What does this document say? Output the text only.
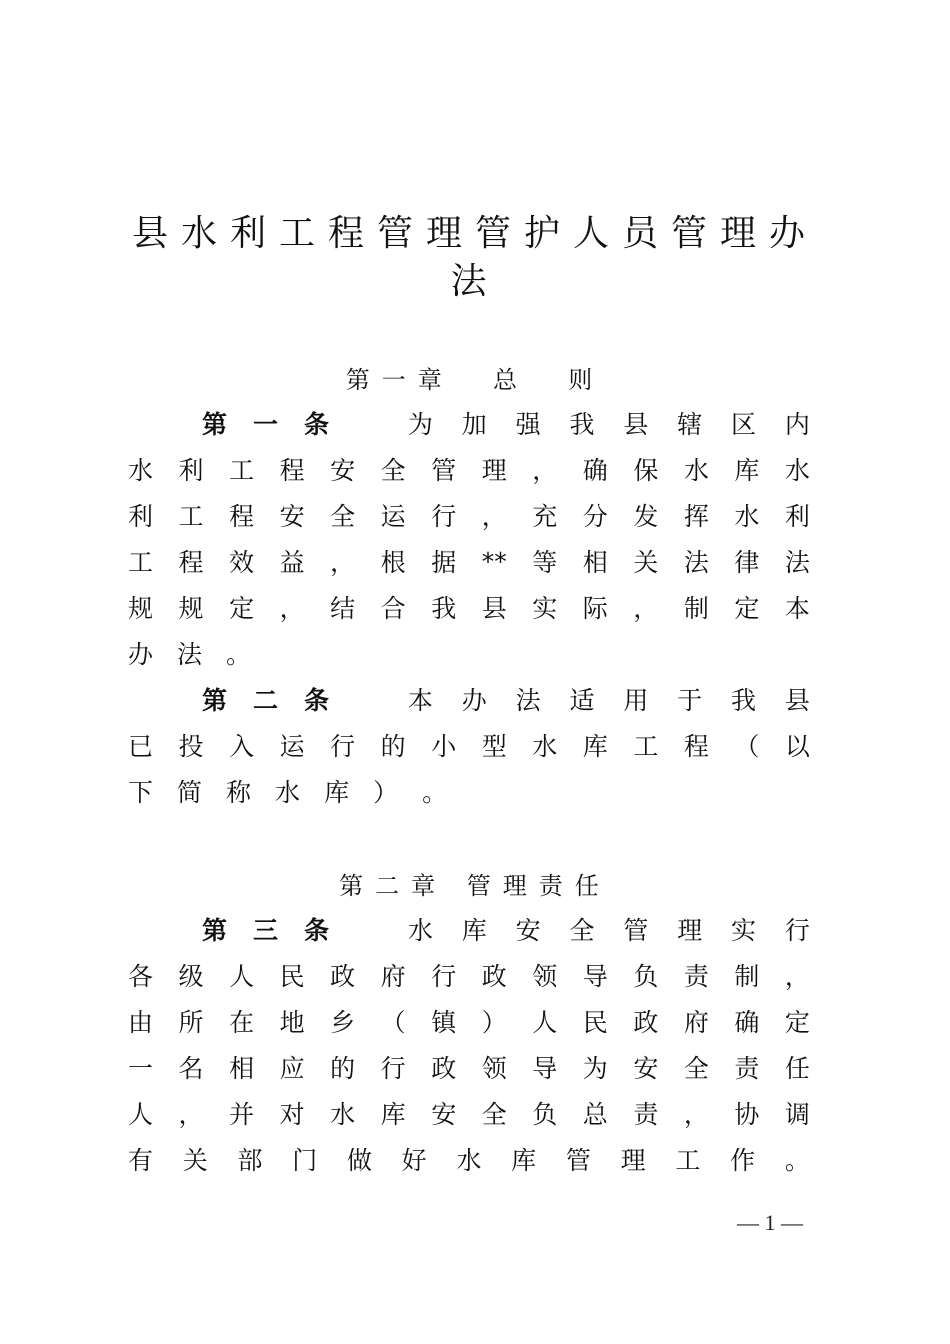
县水利工程管理管护人员管理办法
第一章  总  则
第 一 条	为 加 强 我 县 辖 区 内
水 利 工 程 安 全 管 理 ， 确 保 水 库 水
利 工 程 安 全 运 行 ， 充 分 发 挥 水 利
工 程 效 益 ， 根 据 ** 等 相 关 法 律 法
规 规 定 ， 结 合 我 县 实 际 ， 制 定 本
办 法 。
第 二 条	本 办 法 适 用 于 我 县
已 投 入 运 行 的 小 型 水 库 工 程 （ 以
下 简 称 水 库 ） 。
第二章 管理责任
第 三 条	水 库 安 全 管 理 实 行
各 级 人 民 政 府 行 政 领 导 负 责 制 ，
由 所 在 地 乡 （ 镇 ） 人 民 政 府 确 定
一 名 相 应 的 行 政 领 导 为 安 全 责 任
人 ， 并 对 水 库 安 全 负 总 责 ， 协 调
有 关 部 门 做 好 水 库 管 理 工 作 。
— 1 —
